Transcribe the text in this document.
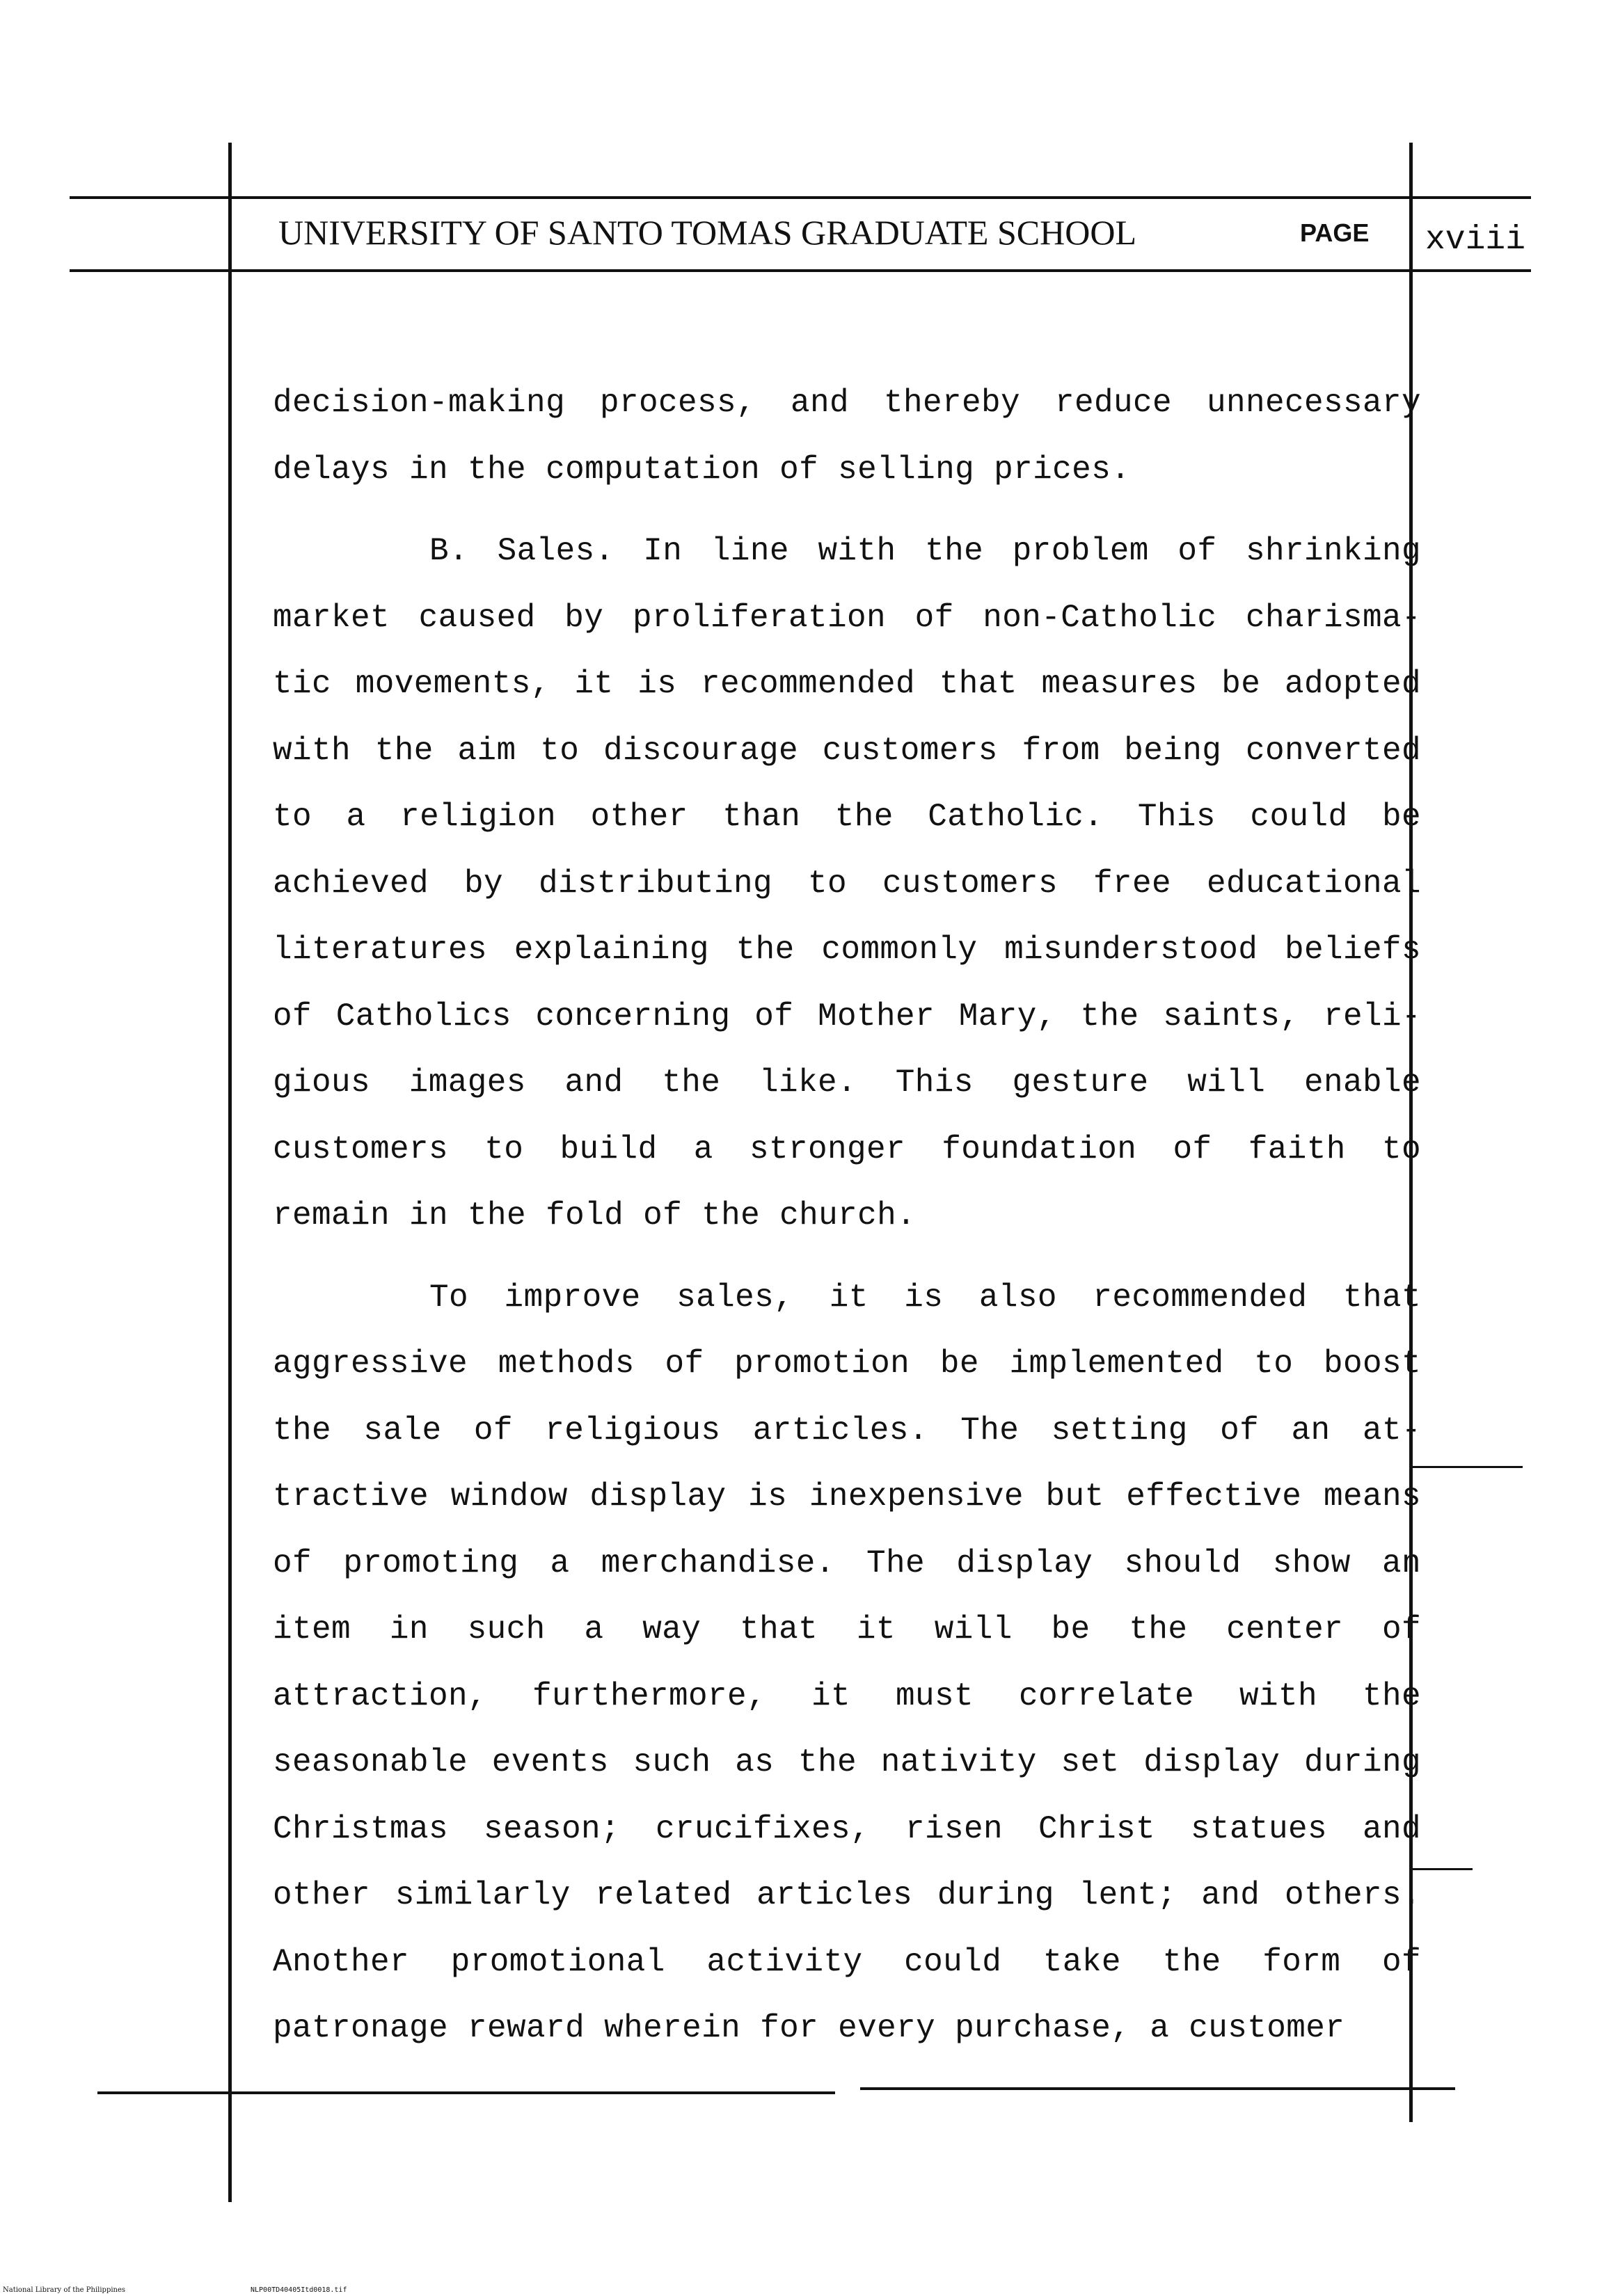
UNIVERSITY OF SANTO TOMAS GRADUATE SCHOOL	PAGE xviii

decision-making process, and thereby reduce unnecessary delays in the computation of selling prices.

B. Sales. In line with the problem of shrinking market caused by proliferation of non-Catholic charisma-tic movements, it is recommended that measures be adopted with the aim to discourage customers from being converted to a religion other than the Catholic. This could be achieved by distributing to customers free educational literatures explaining the commonly misunderstood beliefs of Catholics concerning of Mother Mary, the saints, reli-gious images and the like. This gesture will enable customers to build a stronger foundation of faith to remain in the fold of the church.

To improve sales, it is also recommended that aggressive methods of promotion be implemented to boost the sale of religious articles. The setting of an at-tractive window display is inexpensive but effective means of promoting a merchandise. The display should show an item in such a way that it will be the center of attraction, furthermore, it must correlate with the seasonable events such as the nativity set display during Christmas season; crucifixes, risen Christ statues and other similarly related articles during lent; and others. Another promotional activity could take the form of patronage reward wherein for every purchase, a customer

National Library of the Philippines	NLP00TD40405Itd0018.tif
